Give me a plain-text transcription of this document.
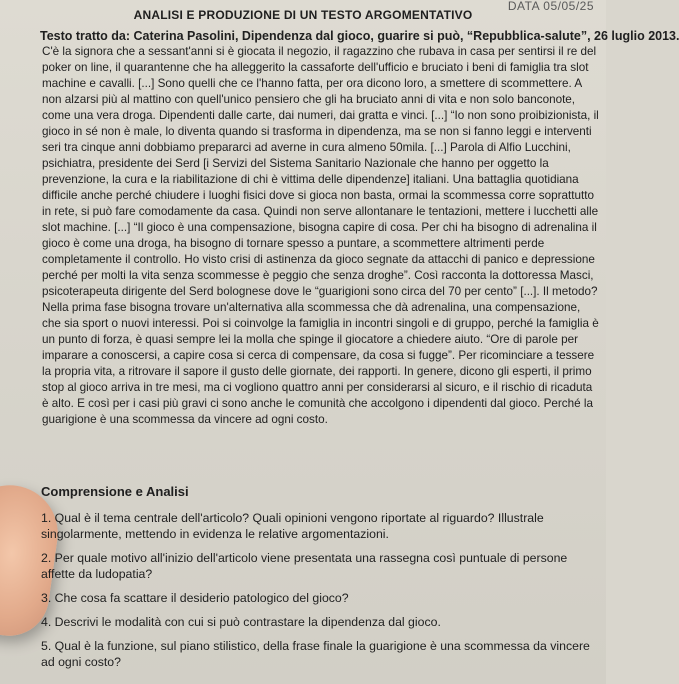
DATA 05/05/25
ANALISI E PRODUZIONE DI UN TESTO ARGOMENTATIVO
Testo tratto da: Caterina Pasolini, Dipendenza dal gioco, guarire si può, “Repubblica-salute”, 26 luglio 2013.

C'è la signora che a sessant'anni si è giocata il negozio, il ragazzino che rubava in casa per sentirsi il re del poker on line, il quarantenne che ha alleggerito la cassaforte dell'ufficio e bruciato i beni di famiglia tra slot machine e cavalli. [...] Sono quelli che ce l'hanno fatta, per ora dicono loro, a smettere di scommettere. A non alzarsi più al mattino con quell'unico pensiero che gli ha bruciato anni di vita e non solo banconote, come una vera droga. Dipendenti dalle carte, dai numeri, dai gratta e vinci. [...] “Io non sono proibizionista, il gioco in sé non è male, lo diventa quando si trasforma in dipendenza, ma se non si fanno leggi e interventi seri tra cinque anni dobbiamo prepararci ad averne in cura almeno 50mila. [...] Parola di Alfio Lucchini, psichiatra, presidente dei Serd [i Servizi del Sistema Sanitario Nazionale che hanno per oggetto la prevenzione, la cura e la riabilitazione di chi è vittima delle dipendenze] italiani. Una battaglia quotidiana difficile anche perché chiudere i luoghi fisici dove si gioca non basta, ormai la scommessa corre soprattutto in rete, si può fare comodamente da casa. Quindi non serve allontanare le tentazioni, mettere i lucchetti alle slot machine. [...] “Il gioco è una compensazione, bisogna capire di cosa. Per chi ha bisogno di adrenalina il gioco è come una droga, ha bisogno di tornare spesso a puntare, a scommettere altrimenti perde completamente il controllo. Ho visto crisi di astinenza da gioco segnate da attacchi di panico e depressione perché per molti la vita senza scommesse è peggio che senza droghe”. Così racconta la dottoressa Masci, psicoterapeuta dirigente del Serd bolognese dove le “guarigioni sono circa del 70 per cento” [...]. Il metodo? Nella prima fase bisogna trovare un'alternativa alla scommessa che dà adrenalina, una compensazione, che sia sport o nuovi interessi. Poi si coinvolge la famiglia in incontri singoli e di gruppo, perché la famiglia è un punto di forza, è quasi sempre lei la molla che spinge il giocatore a chiedere aiuto. “Ore di parole per imparare a conoscersi, a capire cosa si cerca di compensare, da cosa si fugge”. Per ricominciare a tessere la propria vita, a ritrovare il sapore il gusto delle giornate, dei rapporti. In genere, dicono gli esperti, il primo stop al gioco arriva in tre mesi, ma ci vogliono quattro anni per considerarsi al sicuro, e il rischio di ricaduta è alto. E così per i casi più gravi ci sono anche le comunità che accolgono i dipendenti dal gioco. Perché la guarigione è una scommessa da vincere ad ogni costo.

Comprensione e Analisi

1. Qual è il tema centrale dell'articolo? Quali opinioni vengono riportate al riguardo? Illustrale singolarmente, mettendo in evidenza le relative argomentazioni.

2. Per quale motivo all'inizio dell'articolo viene presentata una rassegna così puntuale di persone affette da ludopatia?

3. Che cosa fa scattare il desiderio patologico del gioco?

4. Descrivi le modalità con cui si può contrastare la dipendenza dal gioco.

5. Qual è la funzione, sul piano stilistico, della frase finale la guarigione è una scommessa da vincere ad ogni costo?
